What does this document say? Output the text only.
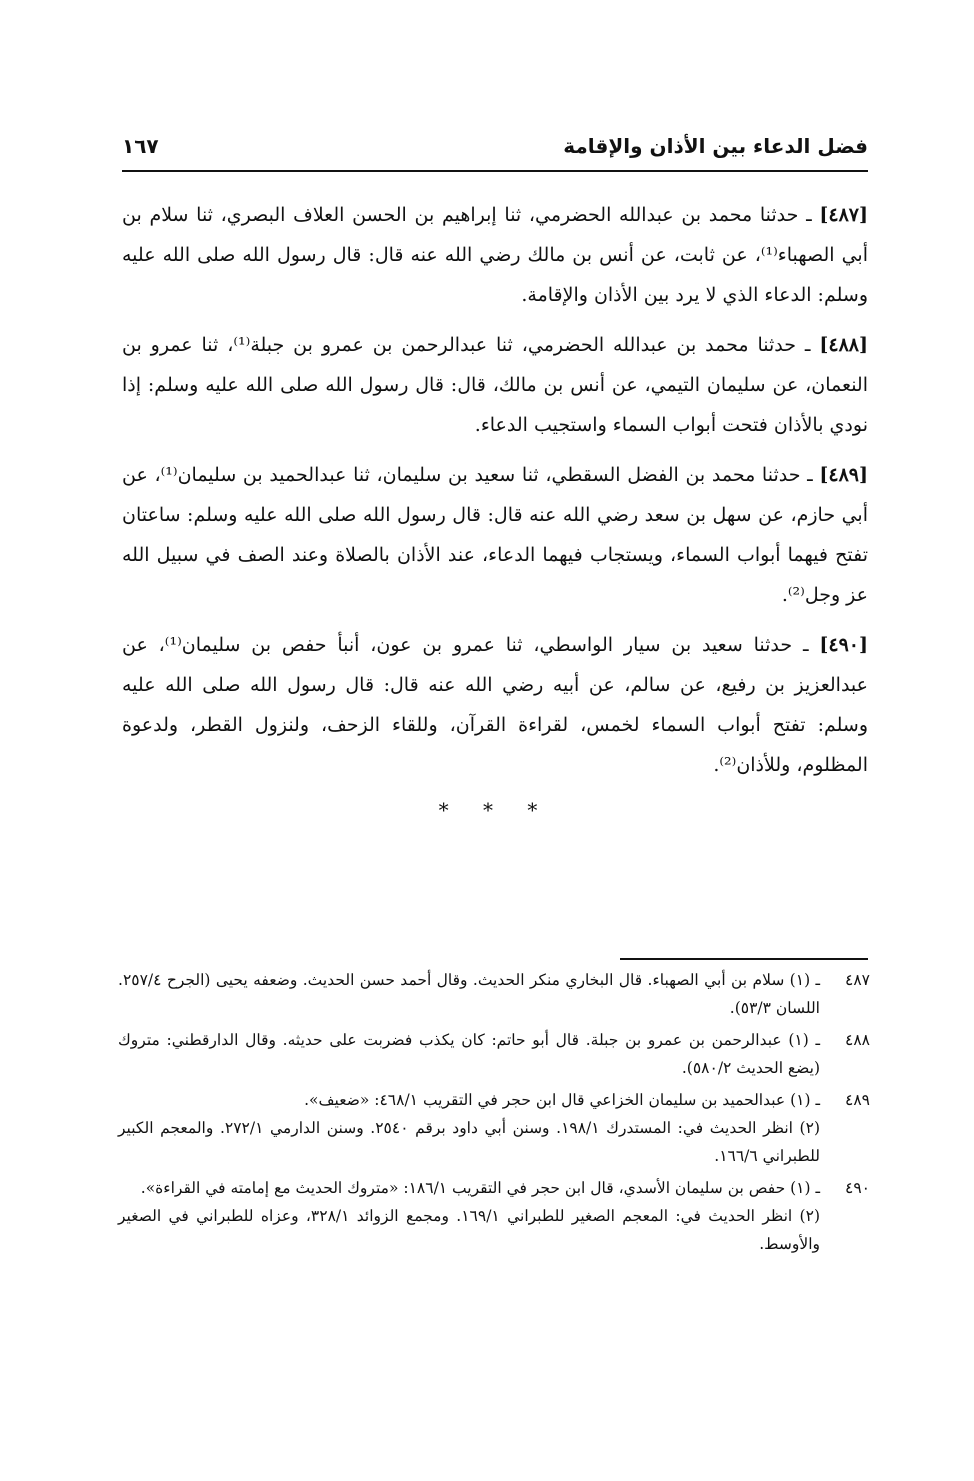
فضل الدعاء بين الأذان والإقامة
١٦٧

[٤٨٧] ـ حدثنا محمد بن عبدالله الحضرمي، ثنا إبراهيم بن الحسن العلاف البصري، ثنا سلام بن أبي الصهباء⁽¹⁾، عن ثابت، عن أنس بن مالك رضي الله عنه قال: قال رسول الله صلى الله عليه وسلم: الدعاء الذي لا يرد بين الأذان والإقامة.

[٤٨٨] ـ حدثنا محمد بن عبدالله الحضرمي، ثنا عبدالرحمن بن عمرو بن جبلة⁽¹⁾، ثنا عمرو بن النعمان، عن سليمان التيمي، عن أنس بن مالك، قال: قال رسول الله صلى الله عليه وسلم: إذا نودي بالأذان فتحت أبواب السماء واستجيب الدعاء.

[٤٨٩] ـ حدثنا محمد بن الفضل السقطي، ثنا سعيد بن سليمان، ثنا عبدالحميد بن سليمان⁽¹⁾، عن أبي حازم، عن سهل بن سعد رضي الله عنه قال: قال رسول الله صلى الله عليه وسلم: ساعتان تفتح فيهما أبواب السماء، ويستجاب فيهما الدعاء، عند الأذان بالصلاة وعند الصف في سبيل الله عز وجل⁽²⁾.

[٤٩٠] ـ حدثنا سعيد بن سيار الواسطي، ثنا عمرو بن عون، أنبأ حفص بن سليمان⁽¹⁾، عن عبدالعزيز بن رفيع، عن سالم، عن أبيه رضي الله عنه قال: قال رسول الله صلى الله عليه وسلم: تفتح أبواب السماء لخمس، لقراءة القرآن، وللقاء الزحف، ولنزول القطر، ولدعوة المظلوم، وللأذان⁽²⁾.

* * *
٤٨٧
ـ (١) سلام بن أبي الصهباء. قال البخاري منكر الحديث. وقال أحمد حسن الحديث. وضعفه يحيى (الجرح ٢٥٧/٤. اللسان ٥٣/٣).
٤٨٨
ـ (١) عبدالرحمن بن عمرو بن جبلة. قال أبو حاتم: كان يكذب فضربت على حديثه. وقال الدارقطني: متروك (يضع الحديث ٥٨٠/٢).
٤٨٩
ـ (١) عبدالحميد بن سليمان الخزاعي قال ابن حجر في التقريب ٤٦٨/١: «ضعيف».
(٢) انظر الحديث في: المستدرك ١٩٨/١. وسنن أبي داود برقم ٢٥٤٠. وسنن الدارمي ٢٧٢/١. والمعجم الكبير للطبراني ١٦٦/٦.
٤٩٠
ـ (١) حفص بن سليمان الأسدي، قال ابن حجر في التقريب ١٨٦/١: «متروك الحديث مع إمامته في القراءة».
(٢) انظر الحديث في: المعجم الصغير للطبراني ١٦٩/١. ومجمع الزوائد ٣٢٨/١، وعزاه للطبراني في الصغير والأوسط.
